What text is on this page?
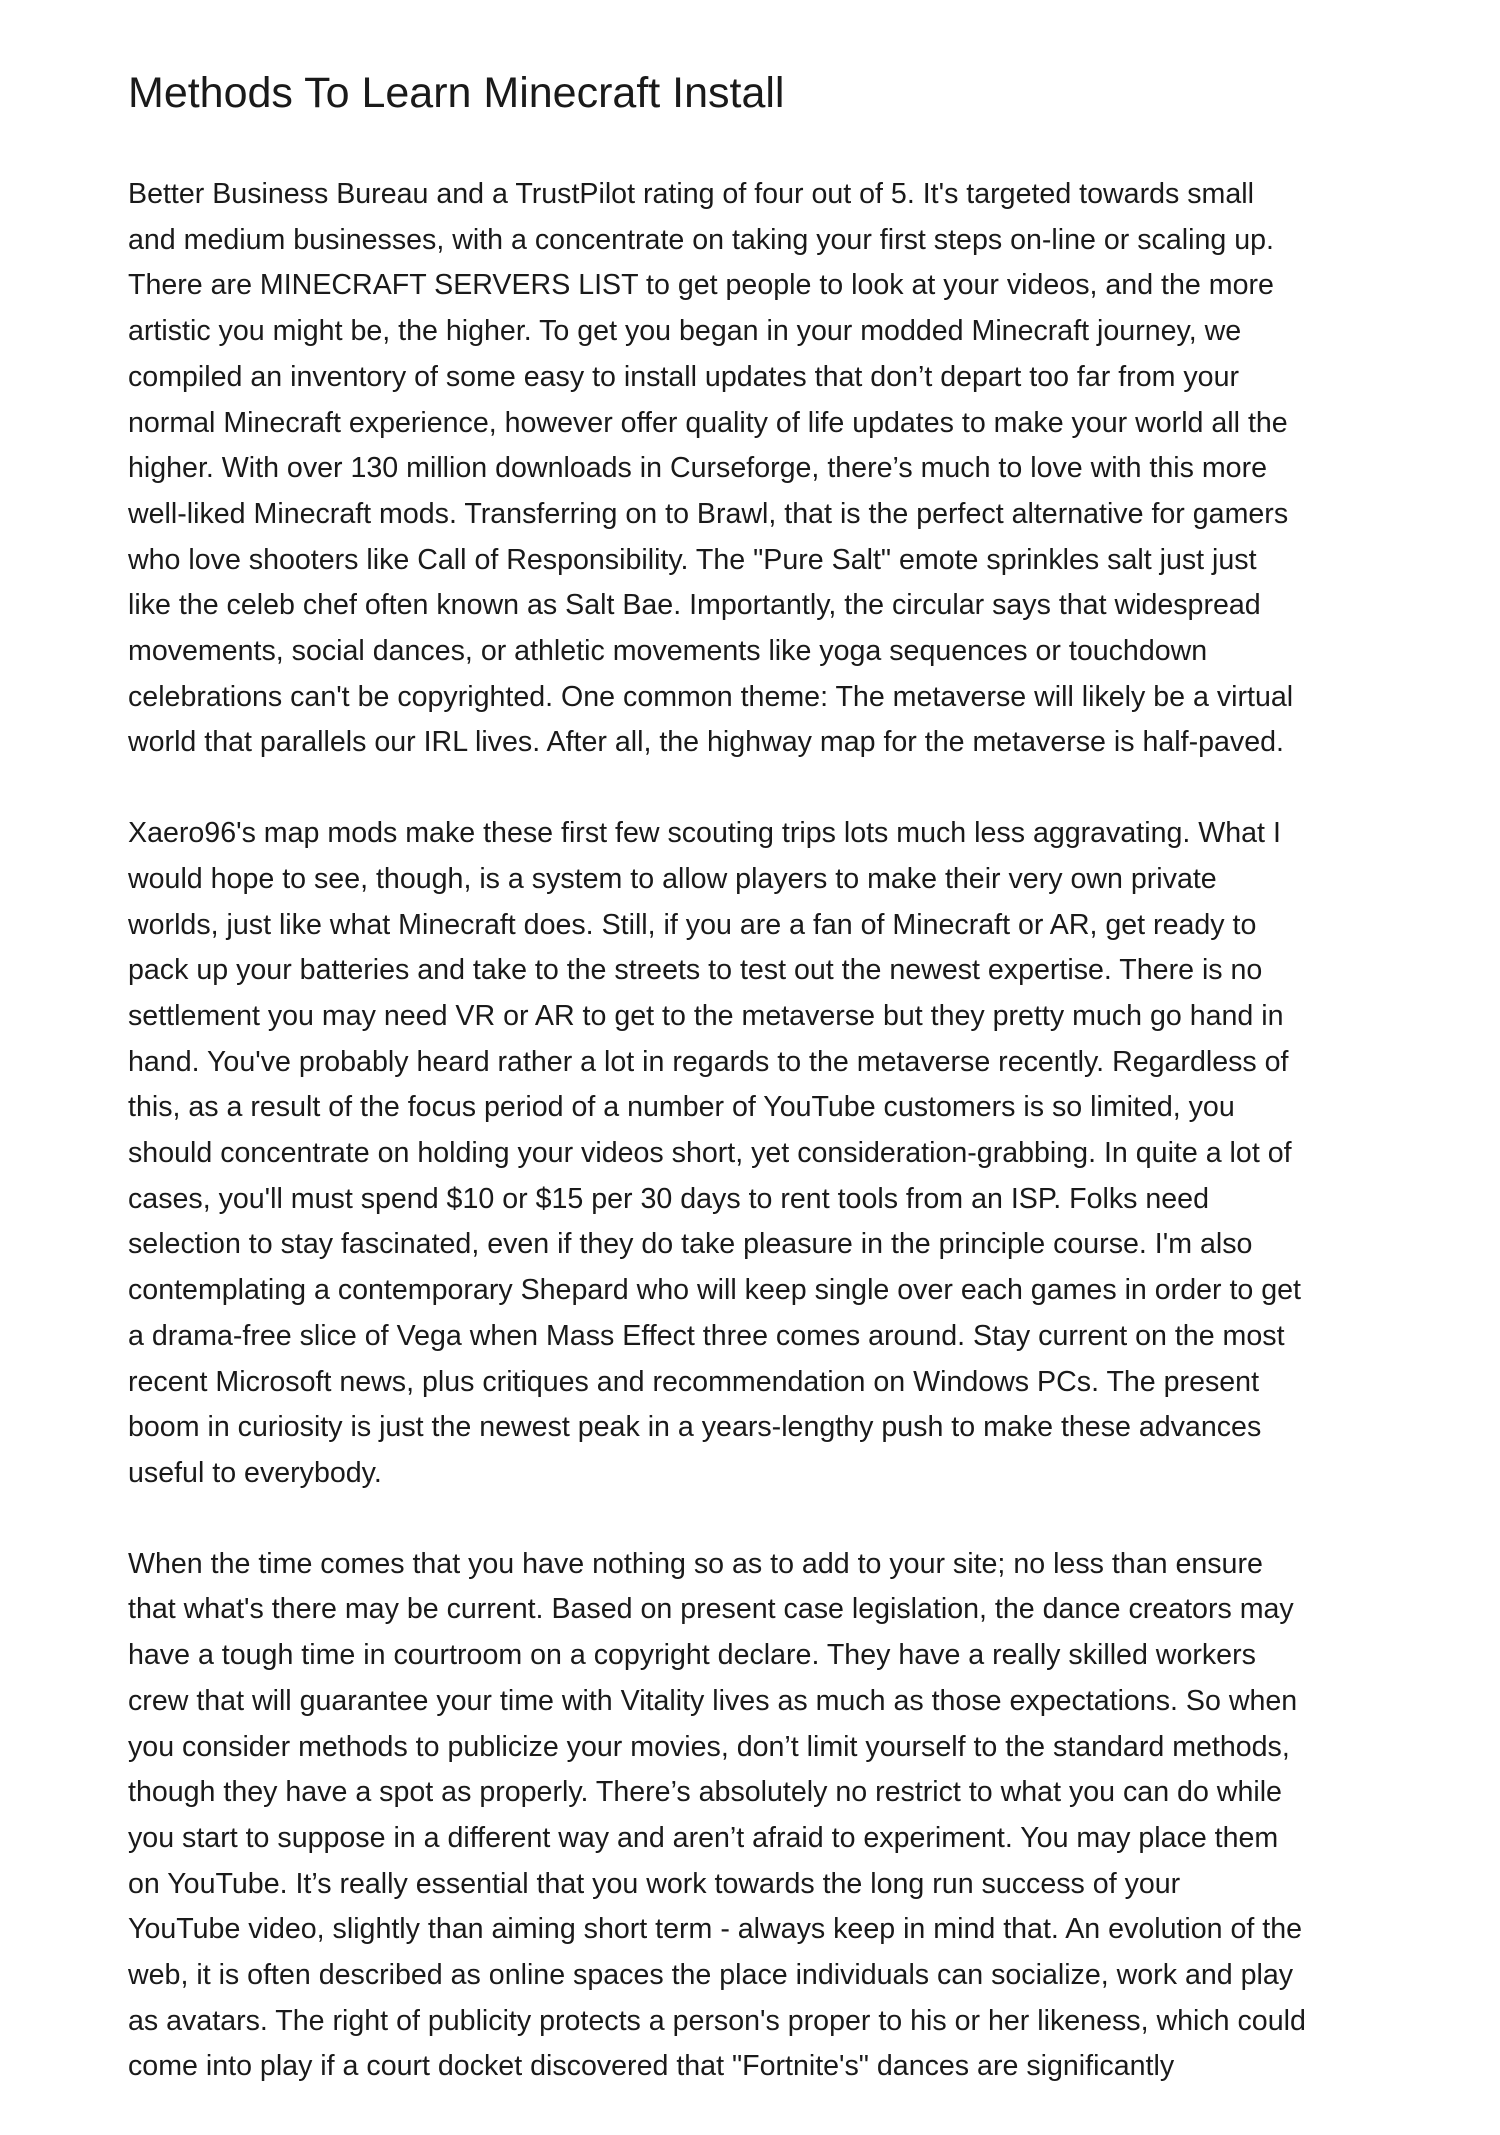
Methods To Learn Minecraft Install

Better Business Bureau and a TrustPilot rating of four out of 5. It's targeted towards small
and medium businesses, with a concentrate on taking your first steps on-line or scaling up.
There are MINECRAFT SERVERS LIST to get people to look at your videos, and the more
artistic you might be, the higher. To get you began in your modded Minecraft journey, we
compiled an inventory of some easy to install updates that don’t depart too far from your
normal Minecraft experience, however offer quality of life updates to make your world all the
higher. With over 130 million downloads in Curseforge, there’s much to love with this more
well-liked Minecraft mods. Transferring on to Brawl, that is the perfect alternative for gamers
who love shooters like Call of Responsibility. The "Pure Salt" emote sprinkles salt just just
like the celeb chef often known as Salt Bae. Importantly, the circular says that widespread
movements, social dances, or athletic movements like yoga sequences or touchdown
celebrations can't be copyrighted. One common theme: The metaverse will likely be a virtual
world that parallels our IRL lives. After all, the highway map for the metaverse is half-paved.

Xaero96's map mods make these first few scouting trips lots much less aggravating. What I
would hope to see, though, is a system to allow players to make their very own private
worlds, just like what Minecraft does. Still, if you are a fan of Minecraft or AR, get ready to
pack up your batteries and take to the streets to test out the newest expertise. There is no
settlement you may need VR or AR to get to the metaverse but they pretty much go hand in
hand. You've probably heard rather a lot in regards to the metaverse recently. Regardless of
this, as a result of the focus period of a number of YouTube customers is so limited, you
should concentrate on holding your videos short, yet consideration-grabbing. In quite a lot of
cases, you'll must spend $10 or $15 per 30 days to rent tools from an ISP. Folks need
selection to stay fascinated, even if they do take pleasure in the principle course. I'm also
contemplating a contemporary Shepard who will keep single over each games in order to get
a drama-free slice of Vega when Mass Effect three comes around. Stay current on the most
recent Microsoft news, plus critiques and recommendation on Windows PCs. The present
boom in curiosity is just the newest peak in a years-lengthy push to make these advances
useful to everybody.

When the time comes that you have nothing so as to add to your site; no less than ensure
that what's there may be current. Based on present case legislation, the dance creators may
have a tough time in courtroom on a copyright declare. They have a really skilled workers
crew that will guarantee your time with Vitality lives as much as those expectations. So when
you consider methods to publicize your movies, don’t limit yourself to the standard methods,
though they have a spot as properly. There’s absolutely no restrict to what you can do while
you start to suppose in a different way and aren’t afraid to experiment. You may place them
on YouTube. It’s really essential that you work towards the long run success of your
YouTube video, slightly than aiming short term - always keep in mind that. An evolution of the
web, it is often described as online spaces the place individuals can socialize, work and play
as avatars. The right of publicity protects a person's proper to his or her likeness, which could
come into play if a court docket discovered that "Fortnite's" dances are significantly
